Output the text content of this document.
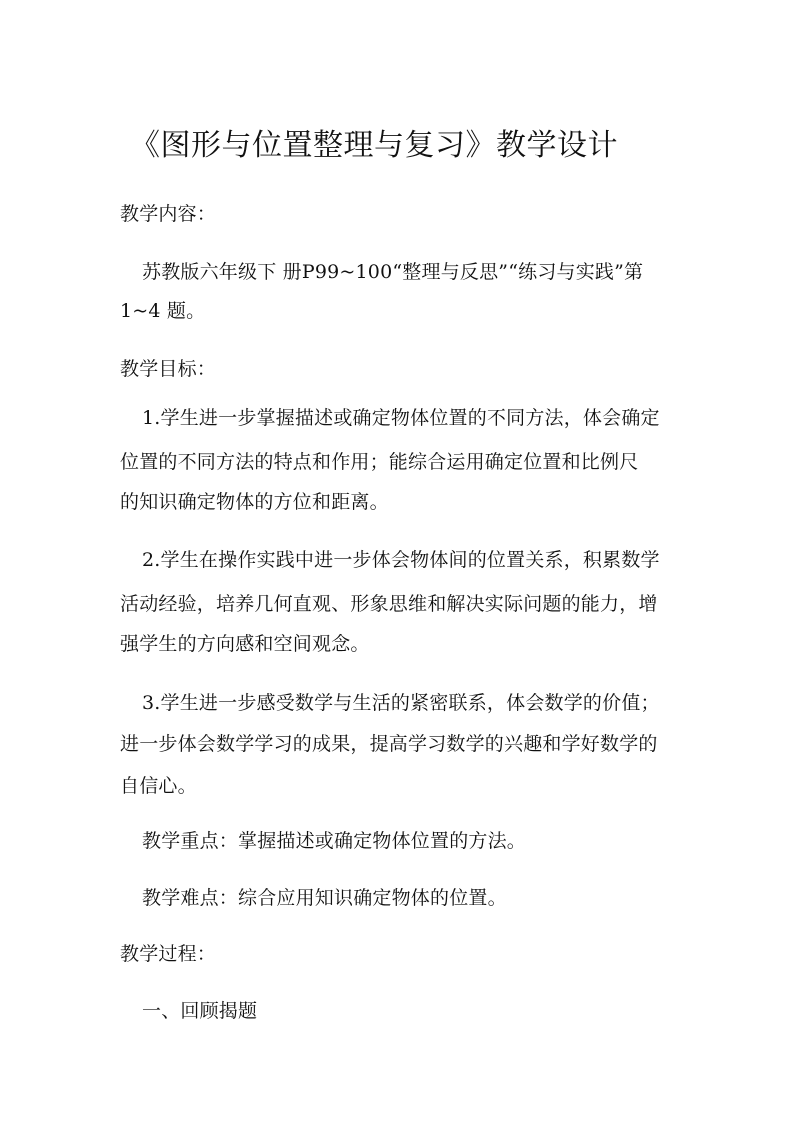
《图形与位置整理与复习》教学设计
教学内容：
苏教版六年级下 册P99~100“整理与反思”“练习与实践”第
1~4 题。
教学目标：
1.学生进一步掌握描述或确定物体位置的不同方法，体会确定
位置的不同方法的特点和作用；能综合运用确定位置和比例尺
的知识确定物体的方位和距离。
2.学生在操作实践中进一步体会物体间的位置关系，积累数学
活动经验，培养几何直观、形象思维和解决实际问题的能力，增
强学生的方向感和空间观念。
3.学生进一步感受数学与生活的紧密联系，体会数学的价值；
进一步体会数学学习的成果，提高学习数学的兴趣和学好数学的
自信心。
教学重点：掌握描述或确定物体位置的方法。
教学难点：综合应用知识确定物体的位置。
教学过程：
一、回顾揭题
